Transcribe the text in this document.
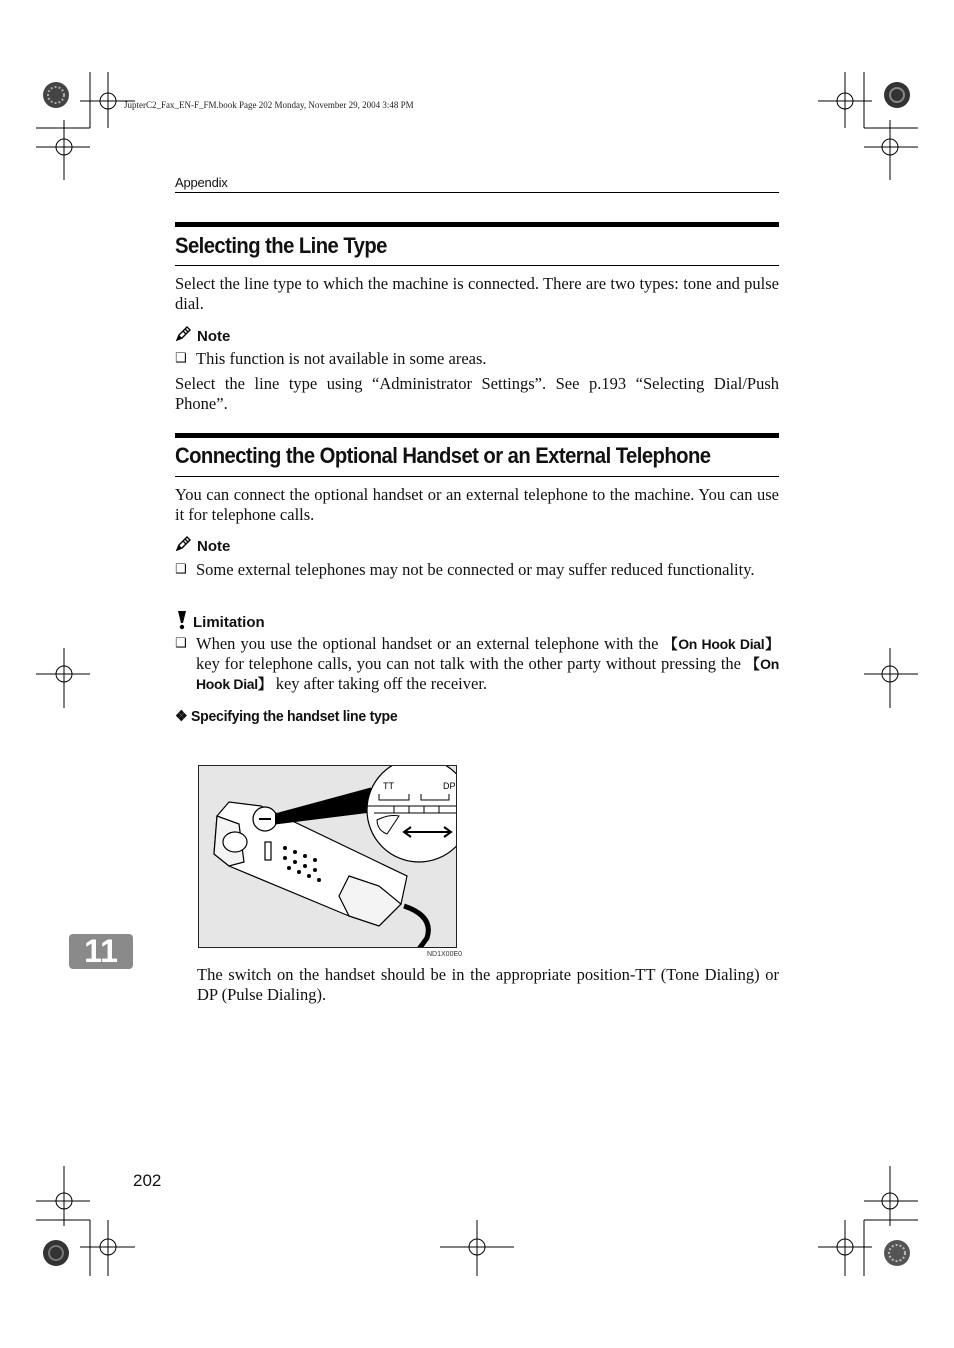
JupterC2_Fax_EN-F_FM.book Page 202 Monday, November 29, 2004 3:48 PM
Appendix
Selecting the Line Type
Select the line type to which the machine is connected. There are two types: tone and pulse dial.
Note
❑ This function is not available in some areas.
Select the line type using “Administrator Settings”. See p.193 “Selecting Dial/Push Phone”.
Connecting the Optional Handset or an External Telephone
You can connect the optional handset or an external telephone to the machine. You can use it for telephone calls.
Note
❑ Some external telephones may not be connected or may suffer reduced functionality.
Limitation
❑ When you use the optional handset or an external telephone with the 【On Hook Dial】 key for telephone calls, you can not talk with the other party without pressing the 【On Hook Dial】 key after taking off the receiver.
❖ Specifying the handset line type
TT	DP
ND1X00E0
The switch on the handset should be in the appropriate position-TT (Tone Dialing) or DP (Pulse Dialing).
11
202
